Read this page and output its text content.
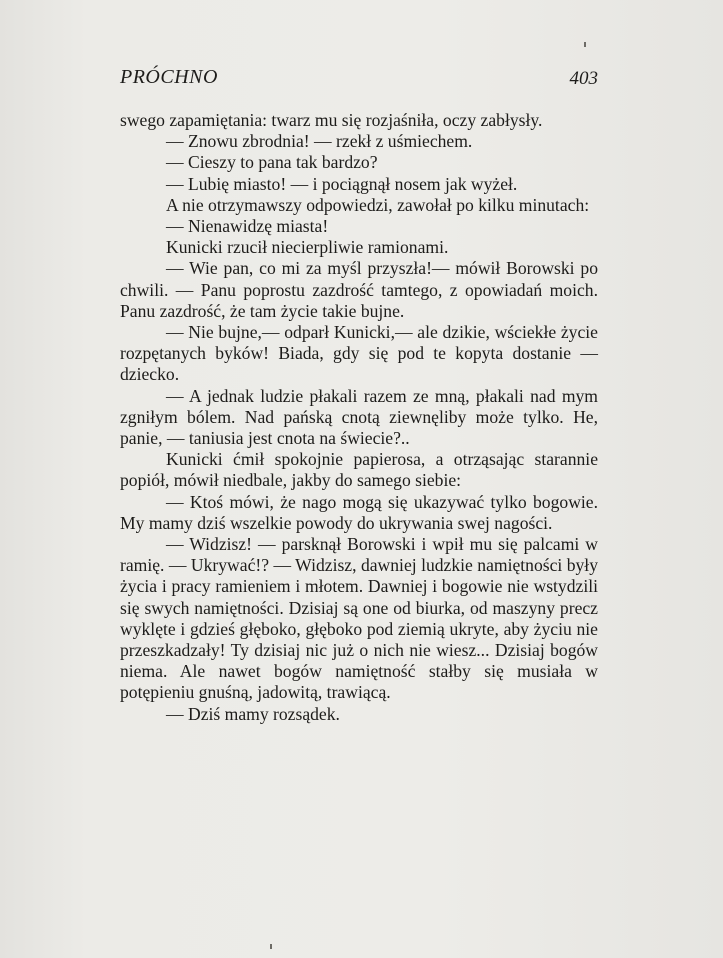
PRÓCHNO	403

swego zapamiętania: twarz mu się rozjaśniła, oczy zabłysły.

— Znowu zbrodnia! — rzekł z uśmiechem.

— Cieszy to pana tak bardzo?

— Lubię miasto! — i pociągnął nosem jak wyżeł.

A nie otrzymawszy odpowiedzi, zawołał po kilku minutach:

— Nienawidzę miasta!

Kunicki rzucił niecierpliwie ramionami.

— Wie pan, co mi za myśl przyszła!— mówił Borowski po chwili. — Panu poprostu zazdrość tamtego, z opowiadań moich. Panu zazdrość, że tam życie takie bujne.

— Nie bujne,— odparł Kunicki,— ale dzikie, wściekłe życie rozpętanych byków! Biada, gdy się pod te kopyta dostanie — dziecko.

— A jednak ludzie płakali razem ze mną, płakali nad mym zgniłym bólem. Nad pańską cnotą ziewnęliby może tylko. He, panie, — taniusia jest cnota na świecie?..

Kunicki ćmił spokojnie papierosa, a otrząsając starannie popiół, mówił niedbale, jakby do samego siebie:

— Ktoś mówi, że nago mogą się ukazywać tylko bogowie. My mamy dziś wszelkie powody do ukrywania swej nagości.

— Widzisz! — parsknął Borowski i wpił mu się palcami w ramię. — Ukrywać!? — Widzisz, dawniej ludzkie namiętności były życia i pracy ramieniem i młotem. Dawniej i bogowie nie wstydzili się swych namiętności. Dzisiaj są one od biurka, od maszyny precz wyklęte i gdzieś głęboko, głęboko pod ziemią ukryte, aby życiu nie przeszkadzały! Ty dzisiaj nic już o nich nie wiesz... Dzisiaj bogów niema. Ale nawet bogów namiętność stałby się musiała w potępieniu gnuśną, jadowitą, trawiącą.

— Dziś mamy rozsądek.
